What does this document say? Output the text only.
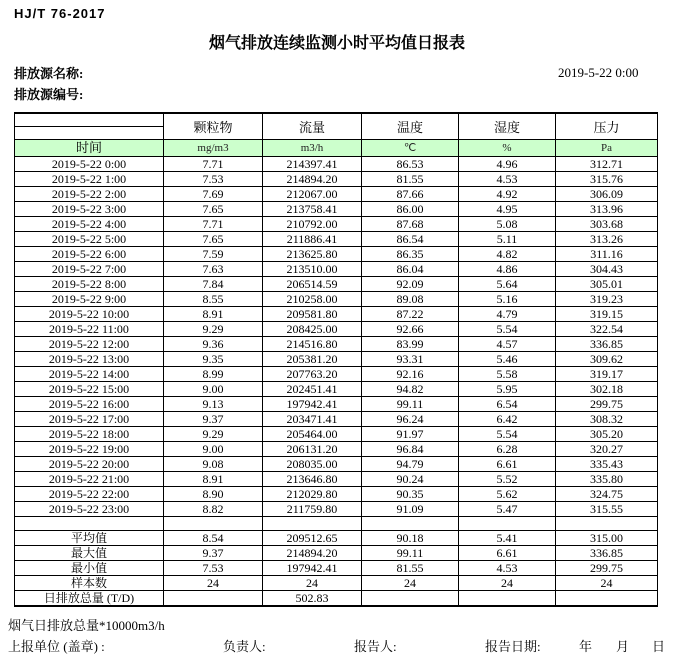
HJ/T 76-2017
烟气排放连续监测小时平均值日报表
排放源名称:
排放源编号:
2019-5-22 0:00
	颗粒物	流量	温度	湿度	压力

时间	mg/m3	m3/h	℃	%	Pa
2019-5-22 0:00	7.71	214397.41	86.53	4.96	312.71
2019-5-22 1:00	7.53	214894.20	81.55	4.53	315.76
2019-5-22 2:00	7.69	212067.00	87.66	4.92	306.09
2019-5-22 3:00	7.65	213758.41	86.00	4.95	313.96
2019-5-22 4:00	7.71	210792.00	87.68	5.08	303.68
2019-5-22 5:00	7.65	211886.41	86.54	5.11	313.26
2019-5-22 6:00	7.59	213625.80	86.35	4.82	311.16
2019-5-22 7:00	7.63	213510.00	86.04	4.86	304.43
2019-5-22 8:00	7.84	206514.59	92.09	5.64	305.01
2019-5-22 9:00	8.55	210258.00	89.08	5.16	319.23
2019-5-22 10:00	8.91	209581.80	87.22	4.79	319.15
2019-5-22 11:00	9.29	208425.00	92.66	5.54	322.54
2019-5-22 12:00	9.36	214516.80	83.99	4.57	336.85
2019-5-22 13:00	9.35	205381.20	93.31	5.46	309.62
2019-5-22 14:00	8.99	207763.20	92.16	5.58	319.17
2019-5-22 15:00	9.00	202451.41	94.82	5.95	302.18
2019-5-22 16:00	9.13	197942.41	99.11	6.54	299.75
2019-5-22 17:00	9.37	203471.41	96.24	6.42	308.32
2019-5-22 18:00	9.29	205464.00	91.97	5.54	305.20
2019-5-22 19:00	9.00	206131.20	96.84	6.28	320.27
2019-5-22 20:00	9.08	208035.00	94.79	6.61	335.43
2019-5-22 21:00	8.91	213646.80	90.24	5.52	335.80
2019-5-22 22:00	8.90	212029.80	90.35	5.62	324.75
2019-5-22 23:00	8.82	211759.80	91.09	5.47	315.55

平均值	8.54	209512.65	90.18	5.41	315.00
最大值	9.37	214894.20	99.11	6.61	336.85
最小值	7.53	197942.41	81.55	4.53	299.75
样本数	24	24	24	24	24
日排放总量 (T/D)		502.83			
烟气日排放总量*10000m3/h
上报单位 (盖章) :	负责人:	报告人:	报告日期:	年 月 日
